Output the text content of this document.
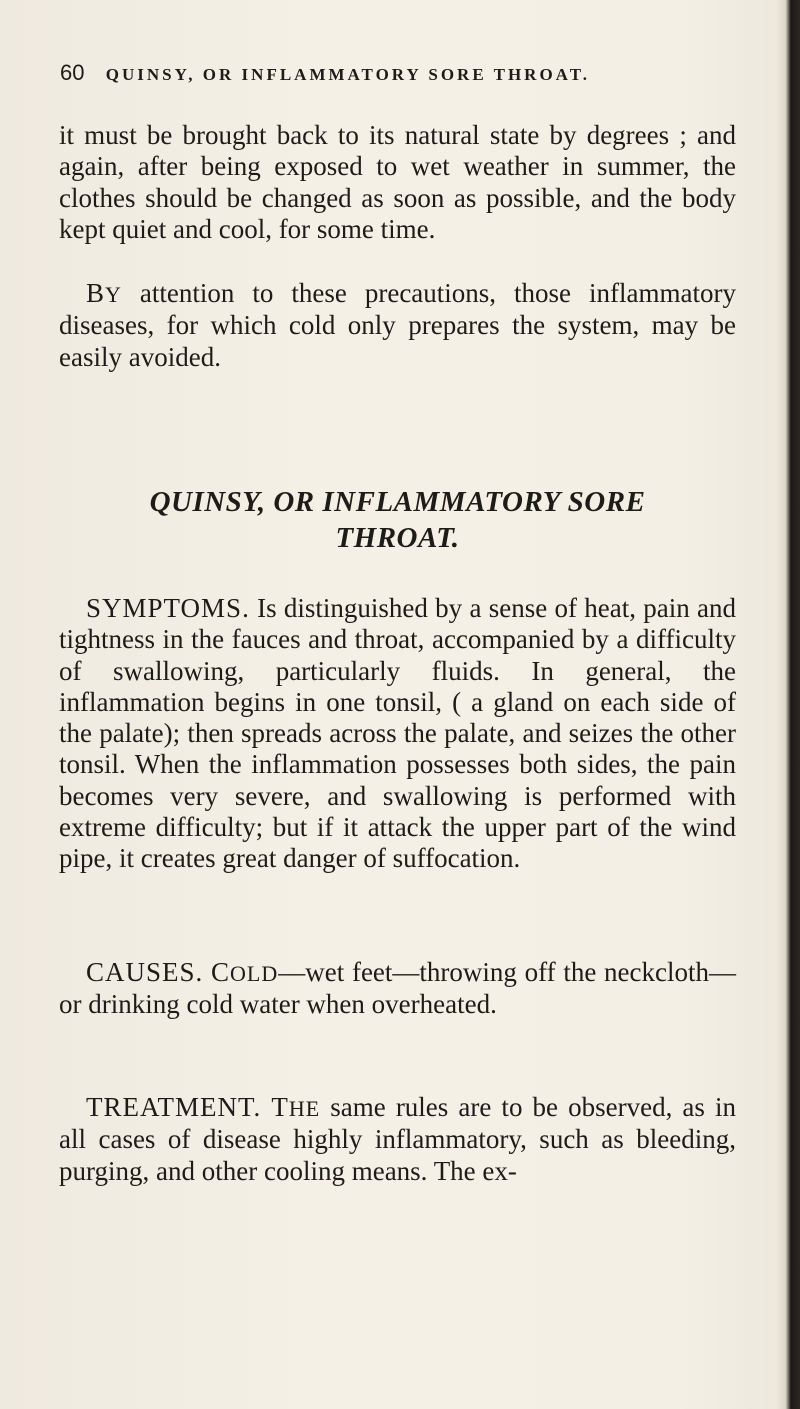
60 QUINSY, OR INFLAMMATORY SORE THROAT.

it must be brought back to its natural state by degrees ; and again, after being exposed to wet weather in summer, the clothes should be changed as soon as possible, and the body kept quiet and cool, for some time.

 BY attention to these precautions, those inflammatory diseases, for which cold only prepares the system, may be easily avoided.

QUINSY, OR INFLAMMATORY SORE
THROAT.

 SYMPTOMS. Is distinguished by a sense of heat, pain and tightness in the fauces and throat, accompanied by a difficulty of swallowing, particularly fluids. In general, the inflammation begins in one tonsil, ( a gland on each side of the palate); then spreads across the palate, and seizes the other tonsil. When the inflammation possesses both sides, the pain becomes very severe, and swallowing is performed with extreme difficulty; but if it attack the upper part of the wind pipe, it creates great danger of suffocation.

 CAUSES. COLD—wet feet—throwing off the neckcloth—or drinking cold water when overheated.

 TREATMENT. THE same rules are to be observed, as in all cases of disease highly inflammatory, such as bleeding, purging, and other cooling means. The ex-
